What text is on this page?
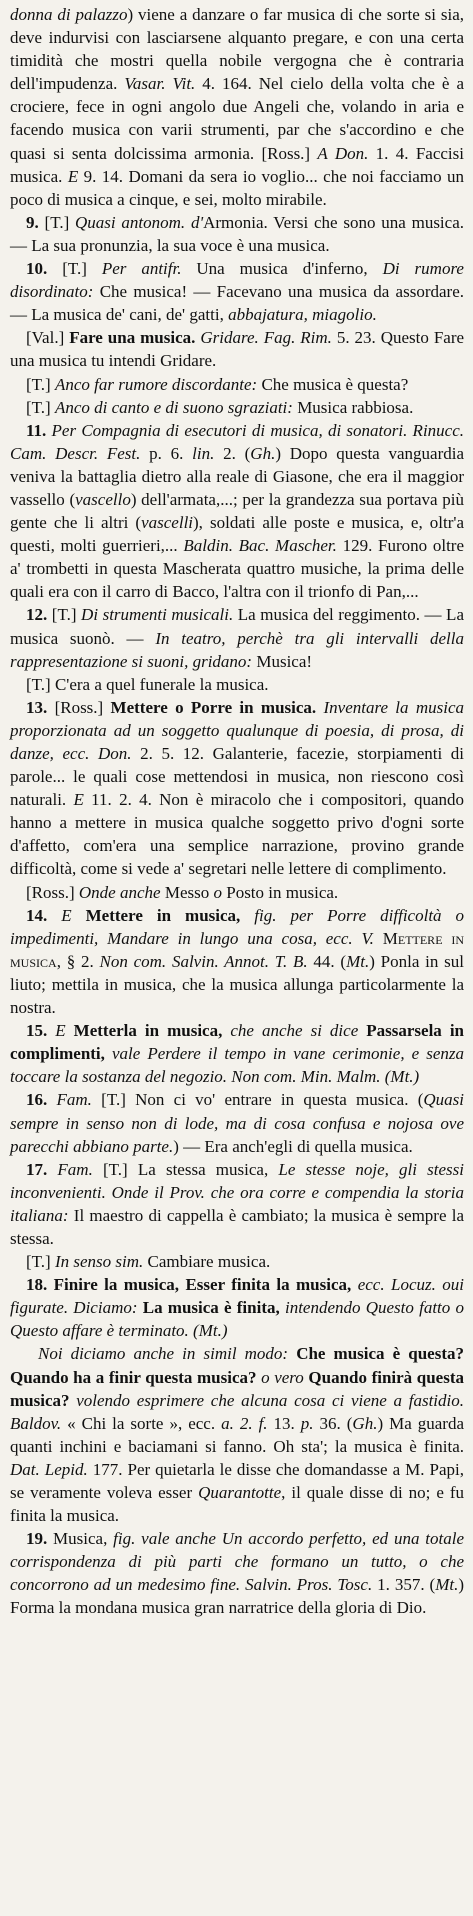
donna di palazzo) viene a danzare o far musica di che sorte si sia, deve indurvisi con lasciarsene alquanto pregare, e con una certa timidità che mostri quella nobile vergogna che è contraria dell'impudenza. Vasar. Vit. 4. 164. Nel cielo della volta che è a crociere, fece in ogni angolo due Angeli che, volando in aria e facendo musica con varii strumenti, par che s'accordino e che quasi si senta dolcissima armonia. [Ross.] A Don. 1. 4. Faccisi musica. E 9. 14. Domani da sera io voglio... che noi facciamo un poco di musica a cinque, e sei, molto mirabile.

9. [T.] Quasi antonom. d'Armonia. Versi che sono una musica. — La sua pronunzia, la sua voce è una musica.

10. [T.] Per antifr. Una musica d'inferno, Di rumore disordinato: Che musica! — Facevano una musica da assordare. — La musica de' cani, de' gatti, abbajatura, miagolio.

[Val.] Fare una musica. Gridare. Fag. Rim. 5. 23. Questo Fare una musica tu intendi Gridare.

[T.] Anco far rumore discordante: Che musica è questa?

[T.] Anco di canto e di suono sgraziati: Musica rabbiosa.

11. Per Compagnia di esecutori di musica, di sonatori. Rinucc. Cam. Descr. Fest. p. 6. lin. 2. (Gh.) Dopo questa vanguardia veniva la battaglia dietro alla reale di Giasone, che era il maggior vassello (vascello) dell'armata,...; per la grandezza sua portava più gente che li altri (vascelli), soldati alle poste e musica, e, oltr'a questi, molti guerrieri,... Baldin. Bac. Mascher. 129. Furono oltre a' trombetti in questa Mascherata quattro musiche, la prima delle quali era con il carro di Bacco, l'altra con il trionfo di Pan,...

12. [T.] Di strumenti musicali. La musica del reggimento. — La musica suonò. — In teatro, perchè tra gli intervalli della rappresentazione si suoni, gridano: Musica!

[T.] C'era a quel funerale la musica.

13. [Ross.] Mettere o Porre in musica. Inventare la musica proporzionata ad un soggetto qualunque di poesia, di prosa, di danze, ecc. Don. 2. 5. 12. Galanterie, facezie, storpiamenti di parole... le quali cose mettendosi in musica, non riescono così naturali. E 11. 2. 4. Non è miracolo che i compositori, quando hanno a mettere in musica qualche soggetto privo d'ogni sorte d'affetto, com'era una semplice narrazione, provino grande difficoltà, come si vede a' segretari nelle lettere di complimento.

[Ross.] Onde anche Messo o Posto in musica.

14. E Mettere in musica, fig. per Porre difficoltà o impedimenti, Mandare in lungo una cosa, ecc. V. Mettere in musica, § 2. Non com. Salvin. Annot. T. B. 44. (Mt.) Ponla in sul liuto; mettila in musica, che la musica allunga particolarmente la nostra.

15. E Metterla in musica, che anche si dice Passarsela in complimenti, vale Perdere il tempo in vane cerimonie, e senza toccare la sostanza del negozio. Non com. Min. Malm. (Mt.)

16. Fam. [T.] Non ci vo' entrare in questa musica. (Quasi sempre in senso non di lode, ma di cosa confusa e nojosa ove parecchi abbiano parte.) — Era anch'egli di quella musica.

17. Fam. [T.] La stessa musica, Le stesse noje, gli stessi inconvenienti. Onde il Prov. che ora corre e compendia la storia italiana: Il maestro di cappella è cambiato; la musica è sempre la stessa.

[T.] In senso sim. Cambiare musica.

18. Finire la musica, Esser finita la musica, ecc. Locuz. oui figurate. Diciamo: La musica è finita, intendendo Questo fatto o Questo affare è terminato. (Mt.)

Noi diciamo anche in simil modo: Che musica è questa? Quando ha a finir questa musica? o vero Quando finirà questa musica? volendo esprimere che alcuna cosa ci viene a fastidio. Baldov. « Chi la sorte », ecc. a. 2. f. 13. p. 36. (Gh.) Ma guarda quanti inchini e baciamani si fanno. Oh sta'; la musica è finita. Dat. Lepid. 177. Per quietarla le disse che domandasse a M. Papi, se veramente voleva esser Quarantotte, il quale disse di no; e fu finita la musica.

19. Musica, fig. vale anche Un accordo perfetto, ed una totale corrispondenza di più parti che formano un tutto, o che concorrono ad un medesimo fine. Salvin. Pros. Tosc. 1. 357. (Mt.) Forma la mondana musica gran narratrice della gloria di Dio.
